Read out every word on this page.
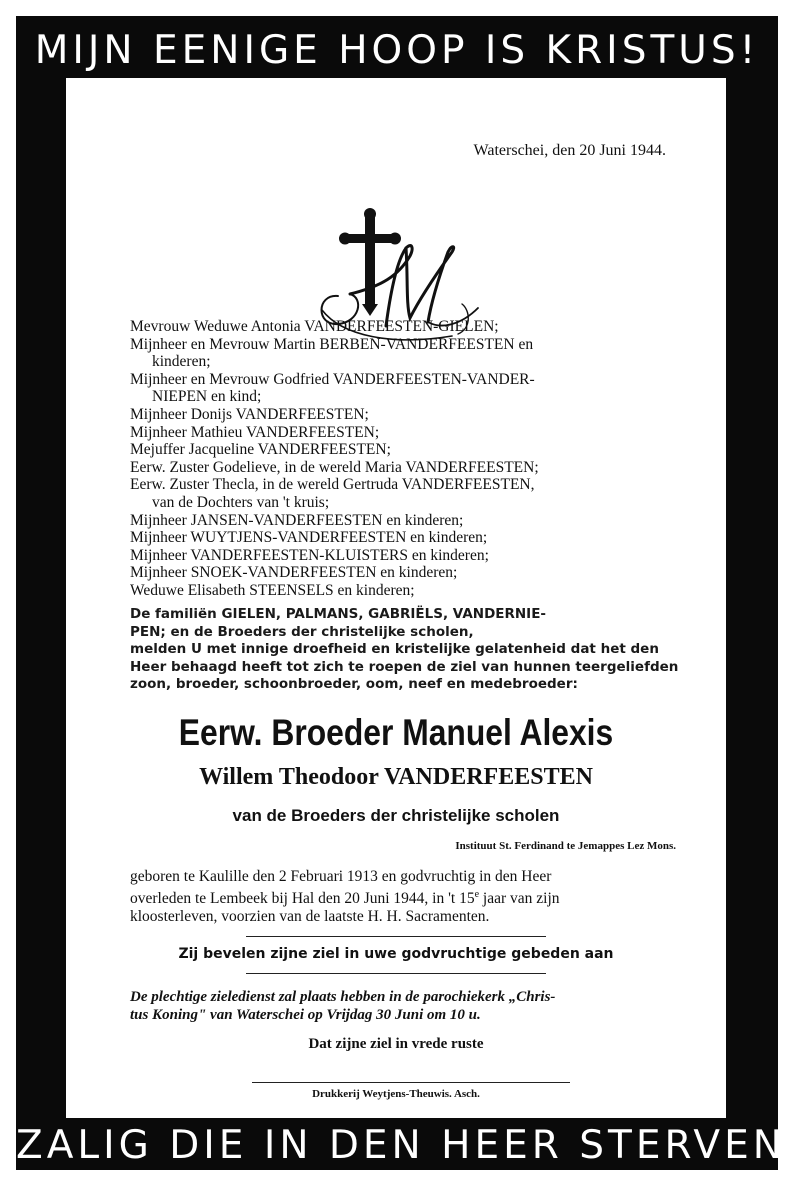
MIJN EENIGE HOOP IS KRISTUS!
Waterschei, den 20 Juni 1944.
Mevrouw Weduwe Antonia VANDERFEESTEN-GIELEN;
Mijnheer en Mevrouw Martin BERBEN-VANDERFEESTEN en
kinderen;
Mijnheer en Mevrouw Godfried VANDERFEESTEN-VANDER-
NIEPEN en kind;
Mijnheer Donijs VANDERFEESTEN;
Mijnheer Mathieu VANDERFEESTEN;
Mejuffer Jacqueline VANDERFEESTEN;
Eerw. Zuster Godelieve, in de wereld Maria VANDERFEESTEN;
Eerw. Zuster Thecla, in de wereld Gertruda VANDERFEESTEN,
van de Dochters van 't kruis;
Mijnheer JANSEN-VANDERFEESTEN en kinderen;
Mijnheer WUYTJENS-VANDERFEESTEN en kinderen;
Mijnheer VANDERFEESTEN-KLUISTERS en kinderen;
Mijnheer SNOEK-VANDERFEESTEN en kinderen;
Weduwe Elisabeth STEENSELS en kinderen;
De familiën GIELEN, PALMANS, GABRIËLS, VANDERNIE-
PEN; en de Broeders der christelijke scholen,
melden U met innige droefheid en kristelijke gelatenheid dat het den
Heer behaagd heeft tot zich te roepen de ziel van hunnen teergeliefden
zoon, broeder, schoonbroeder, oom, neef en medebroeder:
Eerw. Broeder Manuel Alexis
Willem Theodoor VANDERFEESTEN
van de Broeders der christelijke scholen
Instituut St. Ferdinand te Jemappes Lez Mons.
geboren te Kaulille den 2 Februari 1913 en godvruchtig in den Heer
overleden te Lembeek bij Hal den 20 Juni 1944, in 't 15e jaar van zijn
kloosterleven, voorzien van de laatste H. H. Sacramenten.
Zij bevelen zijne ziel in uwe godvruchtige gebeden aan
De plechtige zieledienst zal plaats hebben in de parochiekerk „Chris-
tus Koning" van Waterschei op Vrijdag 30 Juni om 10 u.
Dat zijne ziel in vrede ruste
Drukkerij Weytjens-Theuwis. Asch.
ZALIG DIE IN DEN HEER STERVEN
